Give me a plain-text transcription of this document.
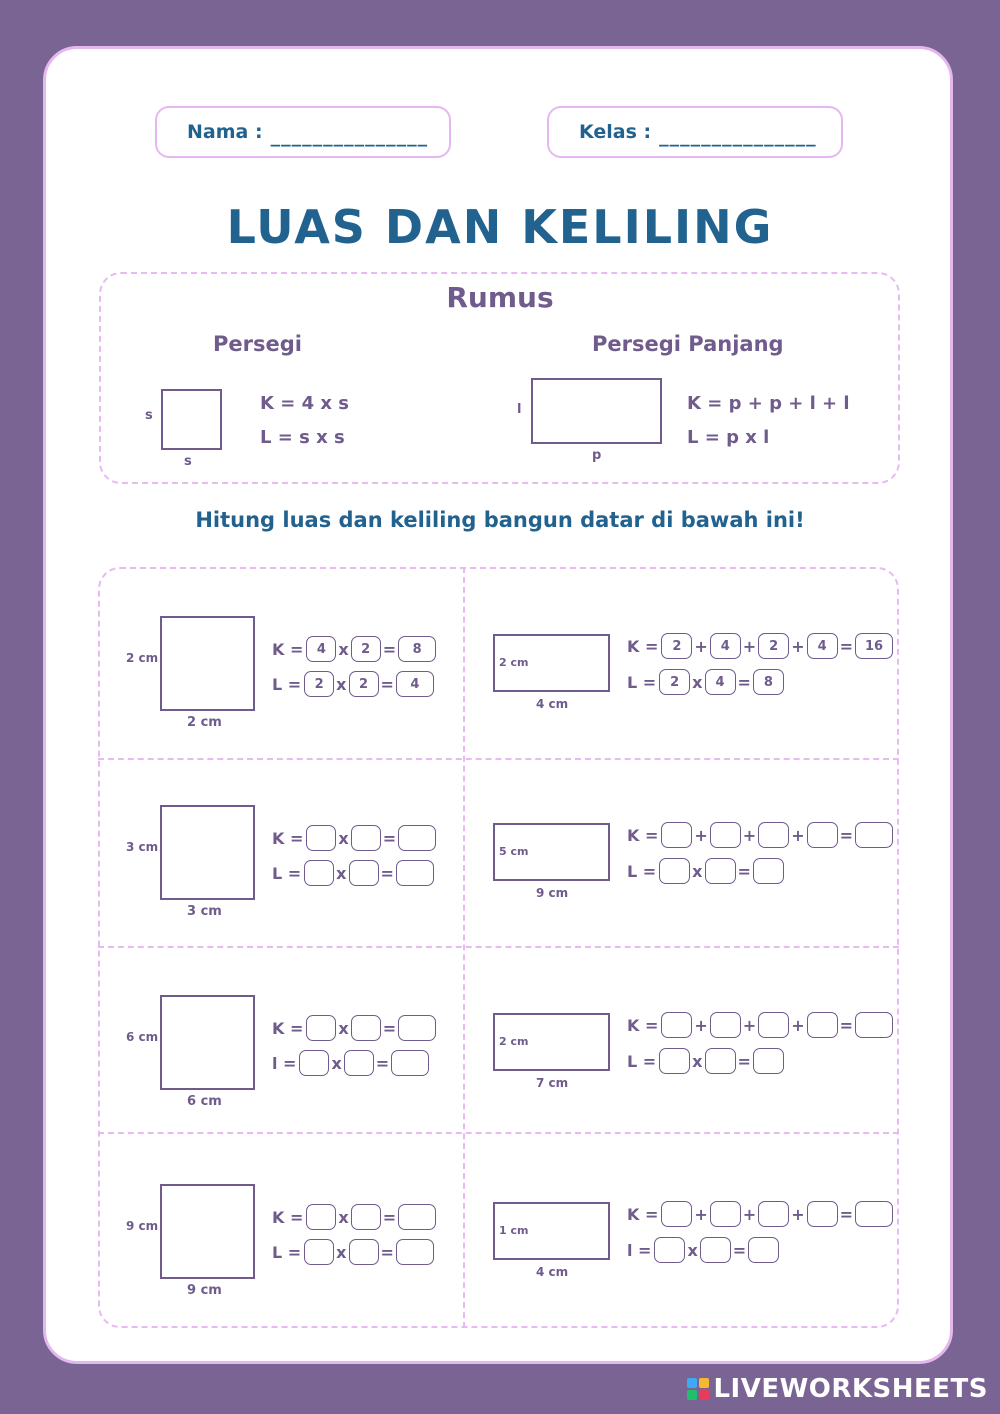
Nama : _______________	Kelas : _______________
LUAS DAN KELILING
Rumus
Persegi	Persegi Panjang
s
s
K = 4 x s
L = s x s
l
p
K = p + p + l + l
L = p x l
Hitung luas dan keliling bangun datar di bawah ini!
2 cm
2 cm
K =	4 x 2 =	8
L =	2 x 2 =	4
3 cm
3 cm
K = x =
L = x =
6 cm
6 cm
K = x =
l = x =
9 cm
9 cm
K = x =
L = x =
2 cm
4 cm
K =	2 + 4 + 2 + 4 = 16
L =	2 x 4 = 8
5 cm
9 cm
K = + + + =
L = x =
2 cm
7 cm
K = + + + =
L = x =
1 cm
4 cm
K = + + + =
l = x =
LIVEWORKSHEETS
